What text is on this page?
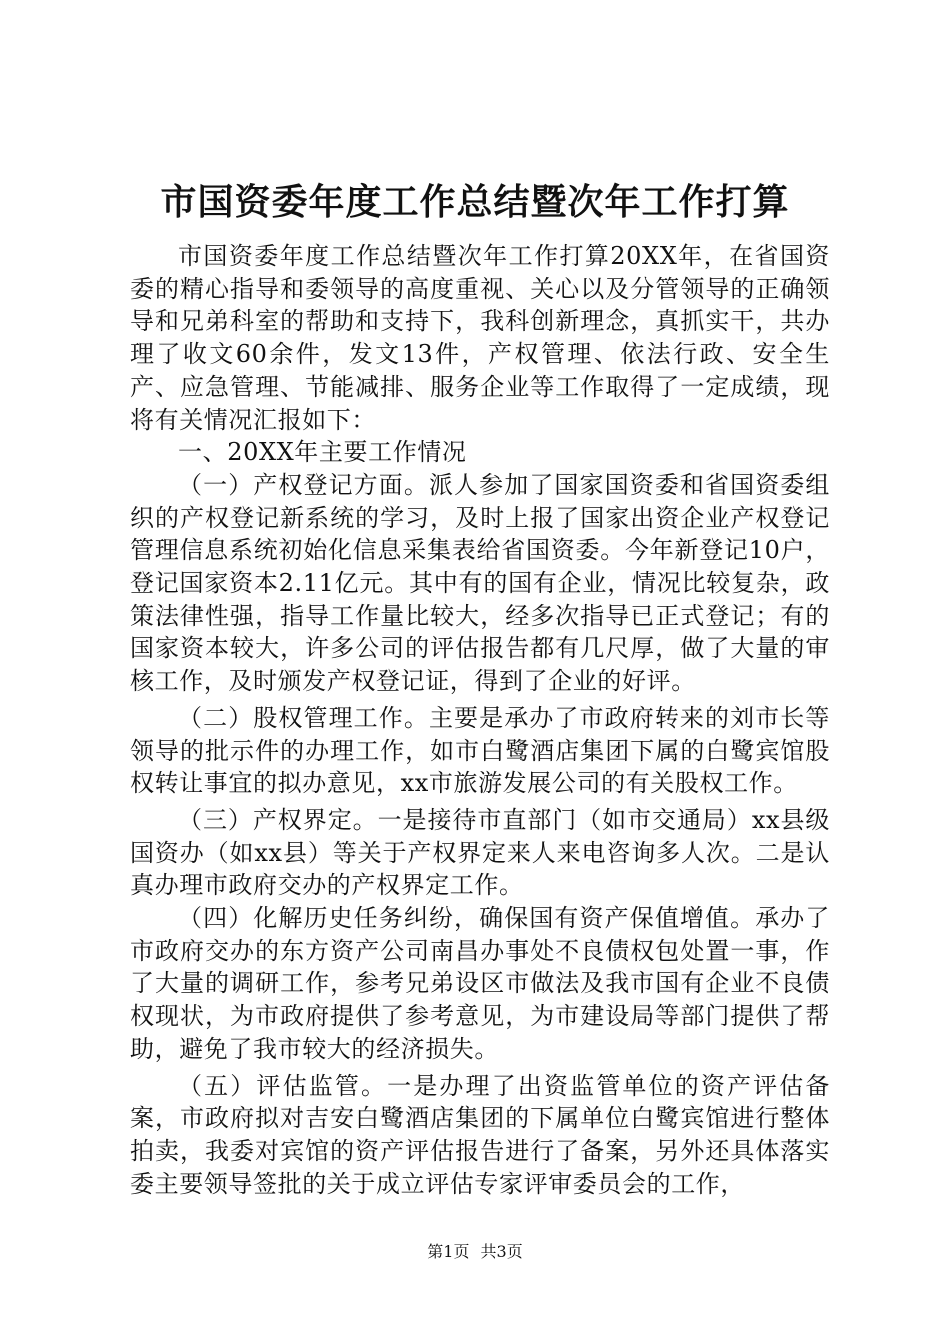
市国资委年度工作总结暨次年工作打算

市国资委年度工作总结暨次年工作打算20XX年，在省国资委的精心指导和委领导的高度重视、关心以及分管领导的正确领导和兄弟科室的帮助和支持下，我科创新理念，真抓实干，共办理了收文60余件，发文13件，产权管理、依法行政、安全生产、应急管理、节能减排、服务企业等工作取得了一定成绩，现将有关情况汇报如下：

一、20XX年主要工作情况

（一）产权登记方面。派人参加了国家国资委和省国资委组织的产权登记新系统的学习，及时上报了国家出资企业产权登记管理信息系统初始化信息采集表给省国资委。今年新登记10户，登记国家资本2.11亿元。其中有的国有企业，情况比较复杂，政策法律性强，指导工作量比较大，经多次指导已正式登记；有的国家资本较大，许多公司的评估报告都有几尺厚，做了大量的审核工作，及时颁发产权登记证，得到了企业的好评。

（二）股权管理工作。主要是承办了市政府转来的刘市长等领导的批示件的办理工作，如市白鹭酒店集团下属的白鹭宾馆股权转让事宜的拟办意见，xx市旅游发展公司的有关股权工作。

（三）产权界定。一是接待市直部门（如市交通局）xx县级国资办（如xx县）等关于产权界定来人来电咨询多人次。二是认真办理市政府交办的产权界定工作。

（四）化解历史任务纠纷，确保国有资产保值增值。承办了市政府交办的东方资产公司南昌办事处不良债权包处置一事，作了大量的调研工作，参考兄弟设区市做法及我市国有企业不良债权现状，为市政府提供了参考意见，为市建设局等部门提供了帮助，避免了我市较大的经济损失。

（五）评估监管。一是办理了出资监管单位的资产评估备案，市政府拟对吉安白鹭酒店集团的下属单位白鹭宾馆进行整体拍卖，我委对宾馆的资产评估报告进行了备案，另外还具体落实委主要领导签批的关于成立评估专家评审委员会的工作，

第1页 共3页
